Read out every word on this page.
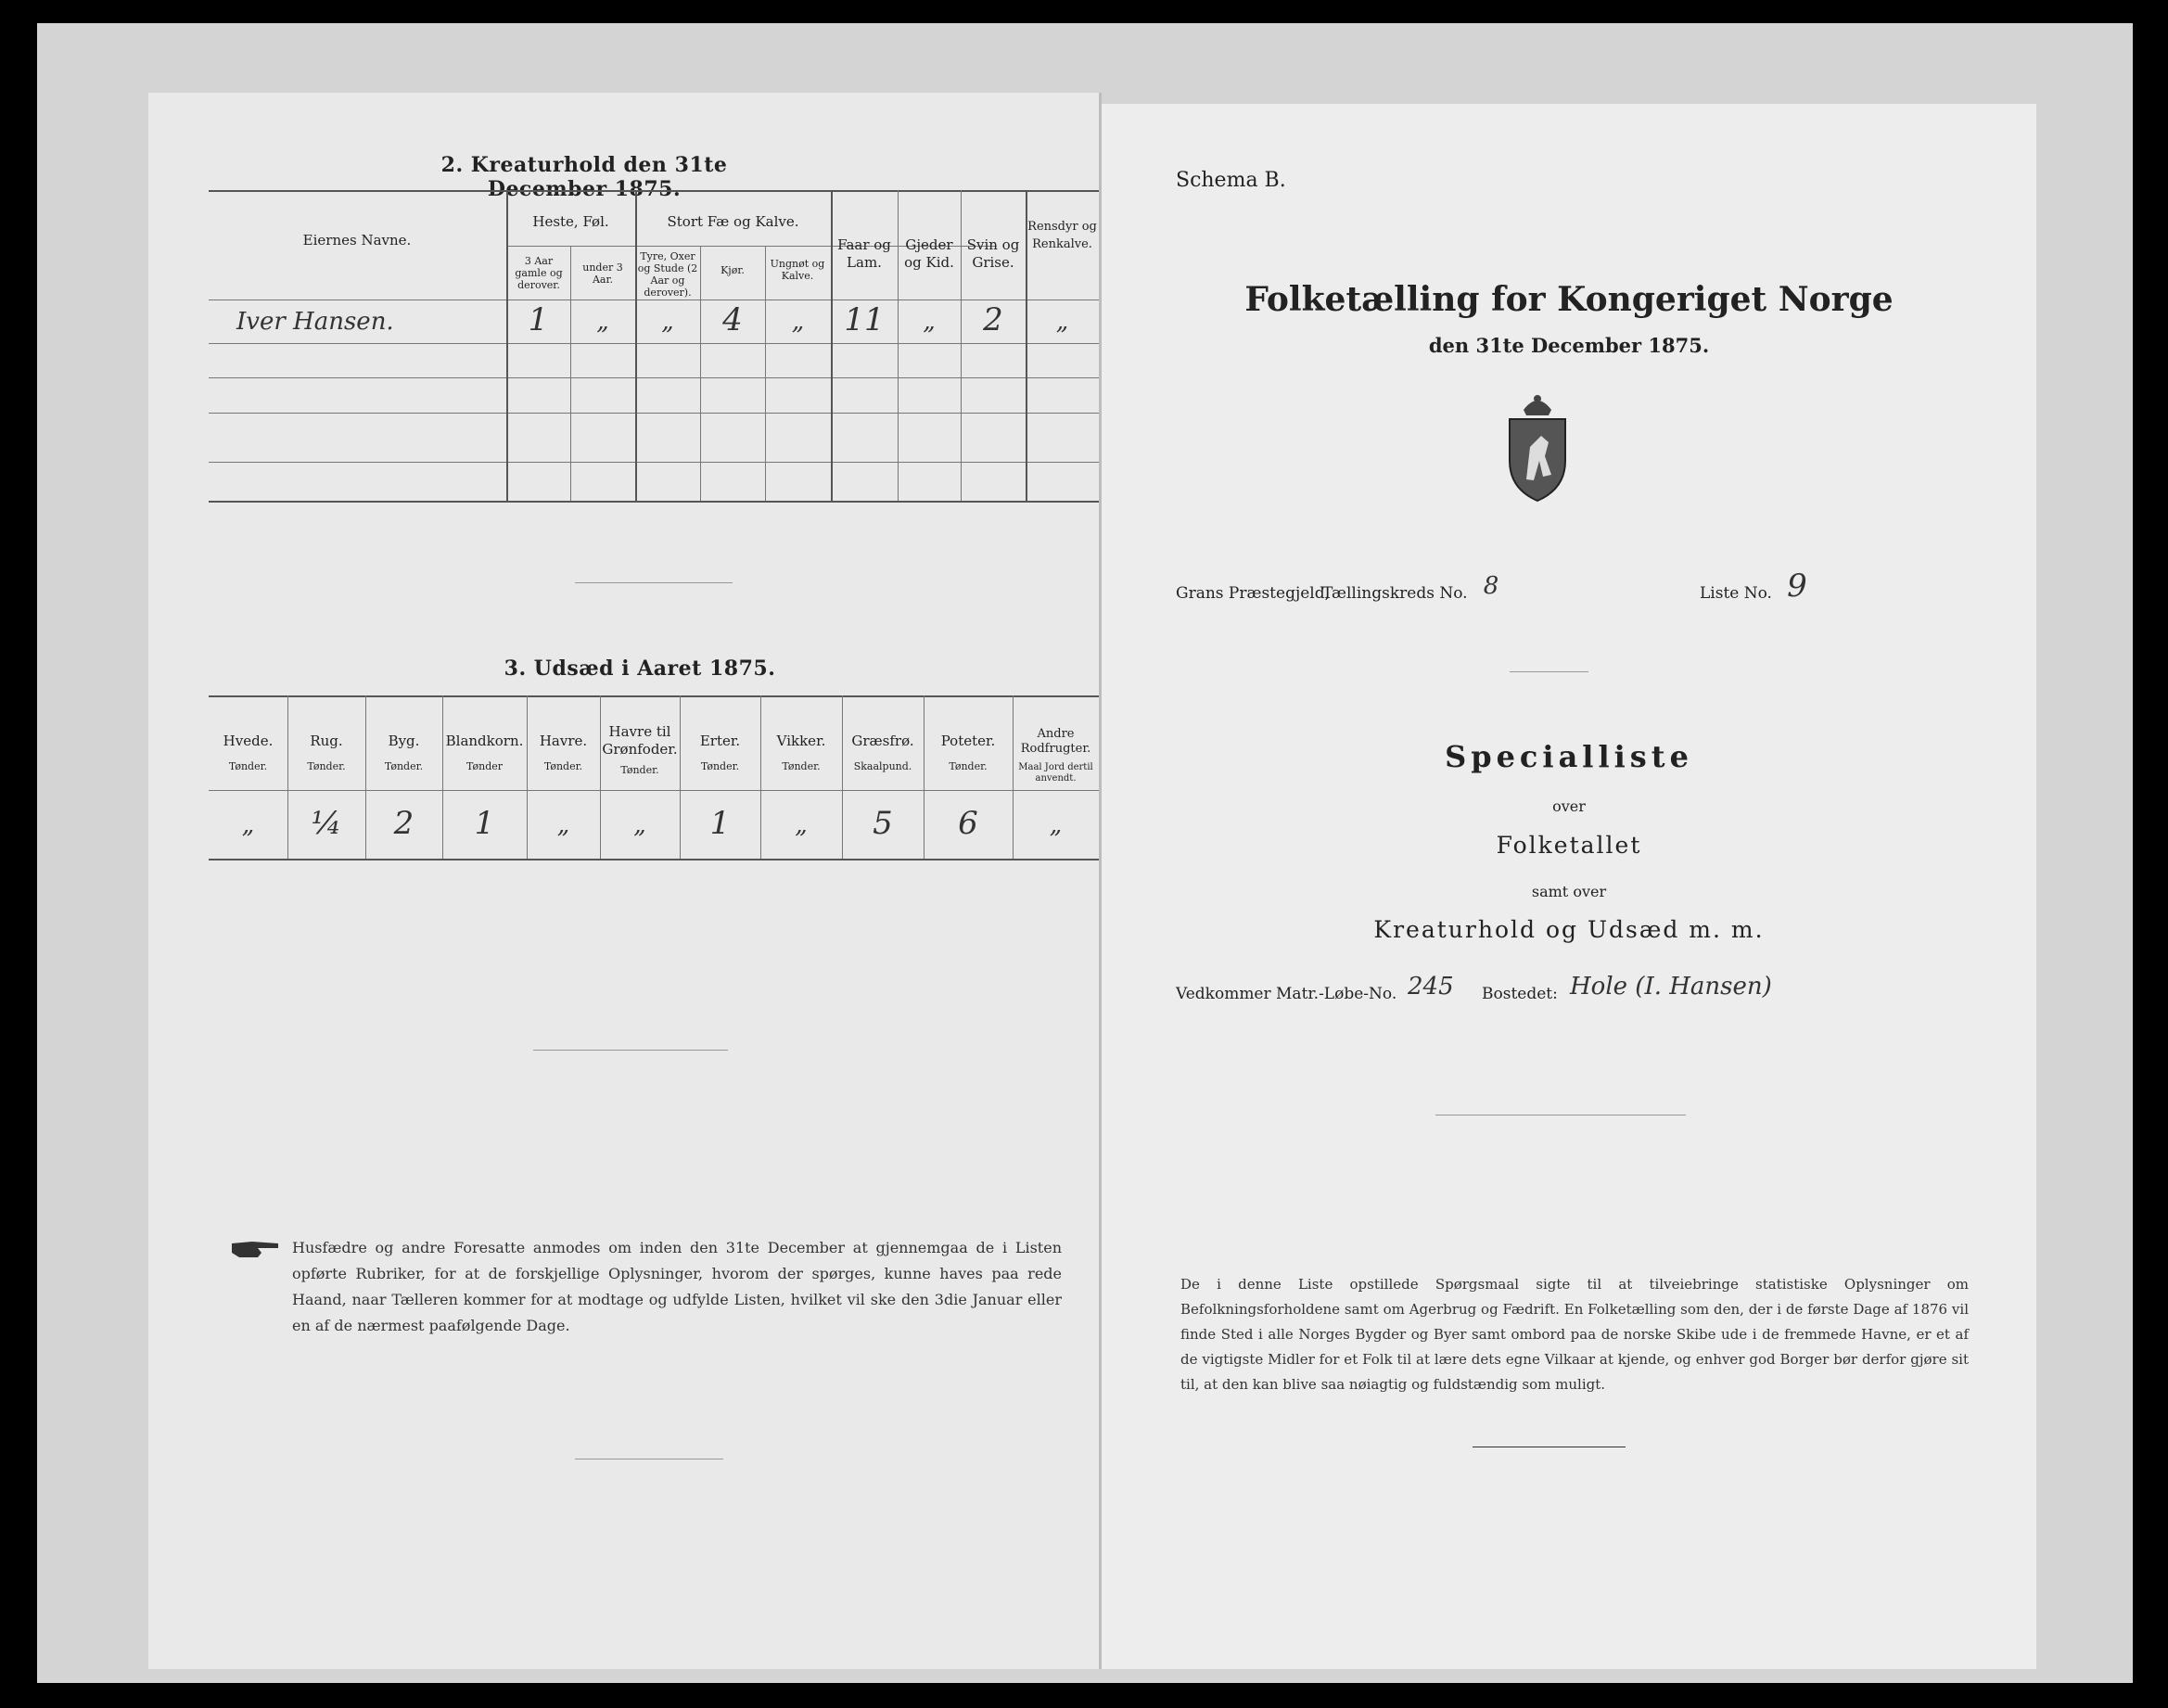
2. Kreaturhold den 31te December 1875.
Eiernes Navne.
Heste, Føl.
3 Aar gamle og derover.
under 3 Aar.
Stort Fæ og Kalve.
Tyre, Oxer og Stude (2 Aar og derover).
Kjør.
Ungnøt og Kalve.
Faar og Lam.
Gjeder og Kid.
Svin og Grise.
Rensdyr og Renkalve.
Iver Hansen.	1	„	„	4	„	11	„	2	„
3. Udsæd i Aaret 1875.
Hvede.
Tønder.
Rug.
Tønder.
Byg.
Tønder.
Blandkorn.
Tønder
Havre.
Tønder.
Havre til Grønfoder.
Tønder.
Erter.
Tønder.
Vikker.
Tønder.
Græsfrø.
Skaalpund.
Poteter.
Tønder.
Andre Rodfrugter.
Maal Jord dertil anvendt.
„	¼	2	1	„	„	1	„	5	6	„
Husfædre og andre Foresatte anmodes om inden den 31te December at gjennemgaa de i Listen opførte Rubriker, for at de forskjellige Oplysninger, hvorom der spørges, kunne haves paa rede Haand, naar Tælleren kommer for at modtage og udfylde Listen, hvilket vil ske den 3die Januar eller en af de nærmest paafølgende Dage.
Schema B.
Folketælling for Kongeriget Norge
den 31te December 1875.
Grans Præstegjeld,
Tællingskreds No. 8	Liste No. 9
Specialliste
over
Folketallet
samt over
Kreaturhold og Udsæd m. m.
Vedkommer Matr.-Løbe-No. 245	Bostedet: Hole (I. Hansen)
De i denne Liste opstillede Spørgsmaal sigte til at tilveiebringe statistiske Oplysninger om Befolkningsforholdene samt om Agerbrug og Fædrift. En Folketælling som den, der i de første Dage af 1876 vil finde Sted i alle Norges Bygder og Byer samt ombord paa de norske Skibe ude i de fremmede Havne, er et af de vigtigste Midler for et Folk til at lære dets egne Vilkaar at kjende, og enhver god Borger bør derfor gjøre sit til, at den kan blive saa nøiagtig og fuldstændig som muligt.
